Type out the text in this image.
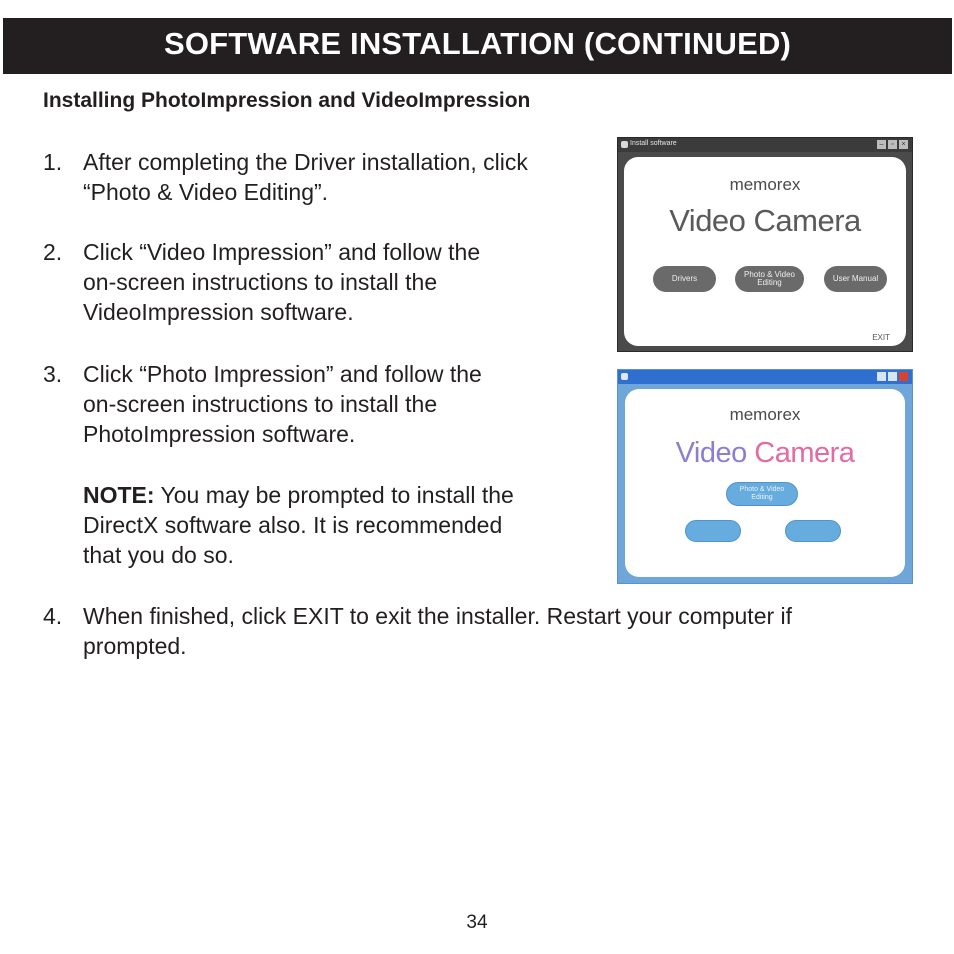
SOFTWARE INSTALLATION (CONTINUED)
Installing PhotoImpression and VideoImpression
1. After completing the Driver installation, click
“Photo & Video Editing”.
2. Click “Video Impression” and follow the
on-screen instructions to install the
VideoImpression software.
3. Click “Photo Impression” and follow the
on-screen instructions to install the
PhotoImpression software.
NOTE: You may be prompted to install the
DirectX software also. It is recommended
that you do so.
4. When finished, click EXIT to exit the installer. Restart your computer if
prompted.
Install software	–	▫	×
memorex
Video Camera
Drivers	Photo & Video Editing	User Manual
EXIT
memorex
Video Camera
Photo & Video Editing
34
